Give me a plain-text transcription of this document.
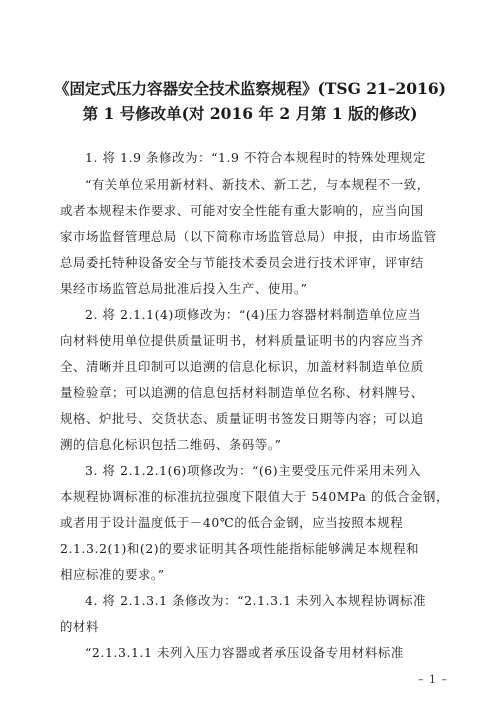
《固定式压力容器安全技术监察规程》(TSG 21–2016)
第 1 号修改单(对 2016 年 2 月第 1 版的修改)
1. 将 1.9 条修改为：“1.9 不符合本规程时的特殊处理规定
“有关单位采用新材料、新技术、新工艺，与本规程不一致，
或者本规程未作要求、可能对安全性能有重大影响的，应当向国
家市场监督管理总局（以下简称市场监管总局）申报，由市场监管
总局委托特种设备安全与节能技术委员会进行技术评审，评审结
果经市场监管总局批准后投入生产、使用。”
2. 将 2.1.1(4)项修改为：“(4)压力容器材料制造单位应当
向材料使用单位提供质量证明书，材料质量证明书的内容应当齐
全、清晰并且印制可以追溯的信息化标识，加盖材料制造单位质
量检验章；可以追溯的信息包括材料制造单位名称、材料牌号、
规格、炉批号、交货状态、质量证明书签发日期等内容；可以追
溯的信息化标识包括二维码、条码等。”
3. 将 2.1.2.1(6)项修改为：“(6)主要受压元件采用未列入
本规程协调标准的标准抗拉强度下限值大于 540MPa 的低合金钢，
或者用于设计温度低于－40℃的低合金钢，应当按照本规程
2.1.3.2(1)和(2)的要求证明其各项性能指标能够满足本规程和
相应标准的要求。”
4. 将 2.1.3.1 条修改为：“2.1.3.1 未列入本规程协调标准
的材料
“2.1.3.1.1 未列入压力容器或者承压设备专用材料标准
– 1 –
